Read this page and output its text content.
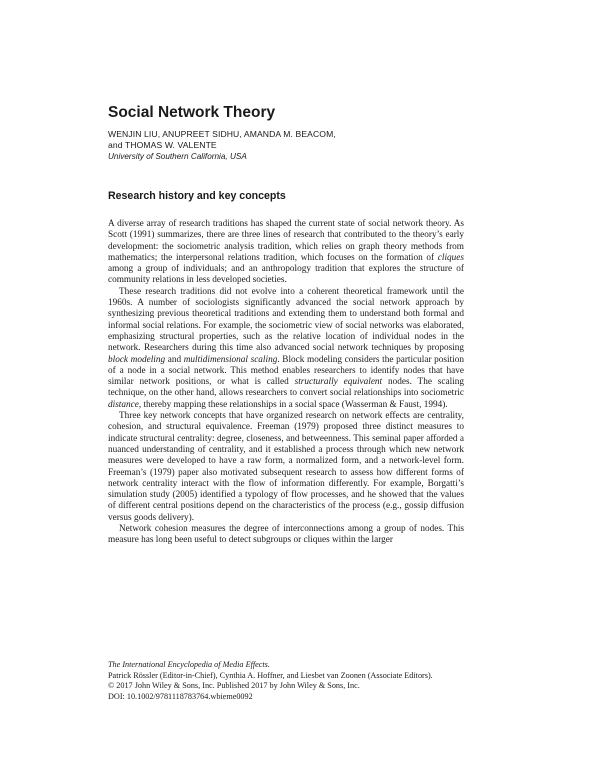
Social Network Theory
WENJIN LIU, ANUPREET SIDHU, AMANDA M. BEACOM,
and THOMAS W. VALENTE
University of Southern California, USA
Research history and key concepts

A diverse array of research traditions has shaped the current state of social network theory. As Scott (1991) summarizes, there are three lines of research that contributed to the theory’s early development: the sociometric analysis tradition, which relies on graph theory methods from mathematics; the interpersonal relations tradition, which focuses on the formation of cliques among a group of individuals; and an anthropology tradition that explores the structure of community relations in less developed societies.

These research traditions did not evolve into a coherent theoretical framework until the 1960s. A number of sociologists significantly advanced the social network approach by synthesizing previous theoretical traditions and extending them to understand both formal and informal social relations. For example, the sociometric view of social networks was elaborated, emphasizing structural properties, such as the relative location of individual nodes in the network. Researchers during this time also advanced social network techniques by proposing block modeling and multidimensional scaling. Block modeling considers the particular position of a node in a social network. This method enables researchers to identify nodes that have similar network positions, or what is called structurally equivalent nodes. The scaling technique, on the other hand, allows researchers to convert social relationships into sociometric distance, thereby mapping these relationships in a social space (Wasserman & Faust, 1994).

Three key network concepts that have organized research on network effects are centrality, cohesion, and structural equivalence. Freeman (1979) proposed three distinct measures to indicate structural centrality: degree, closeness, and betweenness. This seminal paper afforded a nuanced understanding of centrality, and it established a process through which new network measures were developed to have a raw form, a normalized form, and a network-level form. Freeman’s (1979) paper also motivated subsequent research to assess how different forms of network centrality interact with the flow of information differently. For example, Borgatti’s simulation study (2005) identified a typology of flow processes, and he showed that the values of different central positions depend on the characteristics of the process (e.g., gossip diffusion versus goods delivery).

Network cohesion measures the degree of interconnections among a group of nodes. This measure has long been useful to detect subgroups or cliques within the larger

The International Encyclopedia of Media Effects.
Patrick Rössler (Editor-in-Chief), Cynthia A. Hoffner, and Liesbet van Zoonen (Associate Editors).
© 2017 John Wiley & Sons, Inc. Published 2017 by John Wiley & Sons, Inc.
DOI: 10.1002/9781118783764.wbieme0092
